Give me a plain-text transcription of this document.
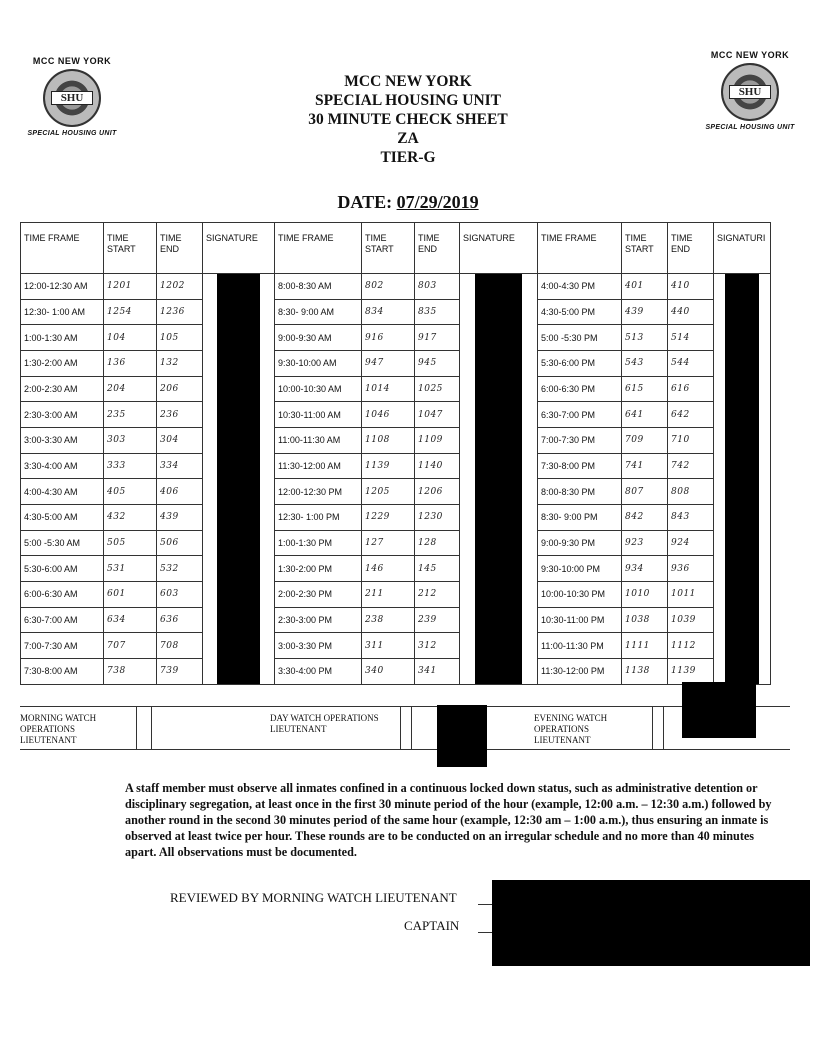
MCC NEW YORK
SHU
SPECIAL HOUSING UNIT
MCC NEW YORK
SHU
SPECIAL HOUSING UNIT
MCC NEW YORK
SPECIAL HOUSING UNIT
30 MINUTE CHECK SHEET
ZA
TIER-G
DATE: 07/29/2019
TIME FRAME	TIME START	TIME END	SIGNATURE	TIME FRAME	TIME START	TIME END	SIGNATURE	TIME FRAME	TIME START	TIME END	SIGNATURI
12:00-12:30 AM	1201	1202		8:00-8:30 AM	802	803		4:00-4:30 PM	401	410	

12:30- 1:00 AM	1254	1236		8:30- 9:00 AM	834	835		4:30-5:00 PM	439	440	
1:00-1:30 AM	104	105		9:00-9:30 AM	916	917		5:00 -5:30 PM	513	514	
1:30-2:00 AM	136	132		9:30-10:00 AM	947	945		5:30-6:00 PM	543	544	
2:00-2:30 AM	204	206		10:00-10:30 AM	1014	1025		6:00-6:30 PM	615	616	
2:30-3:00 AM	235	236		10:30-11:00 AM	1046	1047		6:30-7:00 PM	641	642	
3:00-3:30 AM	303	304		11:00-11:30 AM	1108	1109		7:00-7:30 PM	709	710	
3:30-4:00 AM	333	334		11:30-12:00 AM	1139	1140		7:30-8:00 PM	741	742	
4:00-4:30 AM	405	406		12:00-12:30 PM	1205	1206		8:00-8:30 PM	807	808	
4:30-5:00 AM	432	439		12:30- 1:00 PM	1229	1230		8:30- 9:00 PM	842	843	
5:00 -5:30 AM	505	506		1:00-1:30 PM	127	128		9:00-9:30 PM	923	924	
5:30-6:00 AM	531	532		1:30-2:00 PM	146	145		9:30-10:00 PM	934	936	
6:00-6:30 AM	601	603		2:00-2:30 PM	211	212		10:00-10:30 PM	1010	1011	
6:30-7:00 AM	634	636		2:30-3:00 PM	238	239		10:30-11:00 PM	1038	1039	
7:00-7:30 AM	707	708		3:00-3:30 PM	311	312		11:00-11:30 PM	1111	1112	
7:30-8:00 AM	738	739		3:30-4:00 PM	340	341		11:30-12:00 PM	1138	1139	
MORNING WATCH OPERATIONS LIEUTENANT
DAY WATCH OPERATIONS LIEUTENANT
EVENING WATCH OPERATIONS LIEUTENANT
A staff member must observe all inmates confined in a continuous locked down status, such as administrative detention or disciplinary segregation, at least once in the first 30 minute period of the hour (example, 12:00 a.m. – 12:30 a.m.) followed by another round in the second 30 minutes period of the same hour (example, 12:30 am – 1:00 a.m.), thus ensuring an inmate is observed at least twice per hour. These rounds are to be conducted on an irregular schedule and no more than 40 minutes apart. All observations must be documented.
REVIEWED BY MORNING WATCH LIEUTENANT
CAPTAIN
